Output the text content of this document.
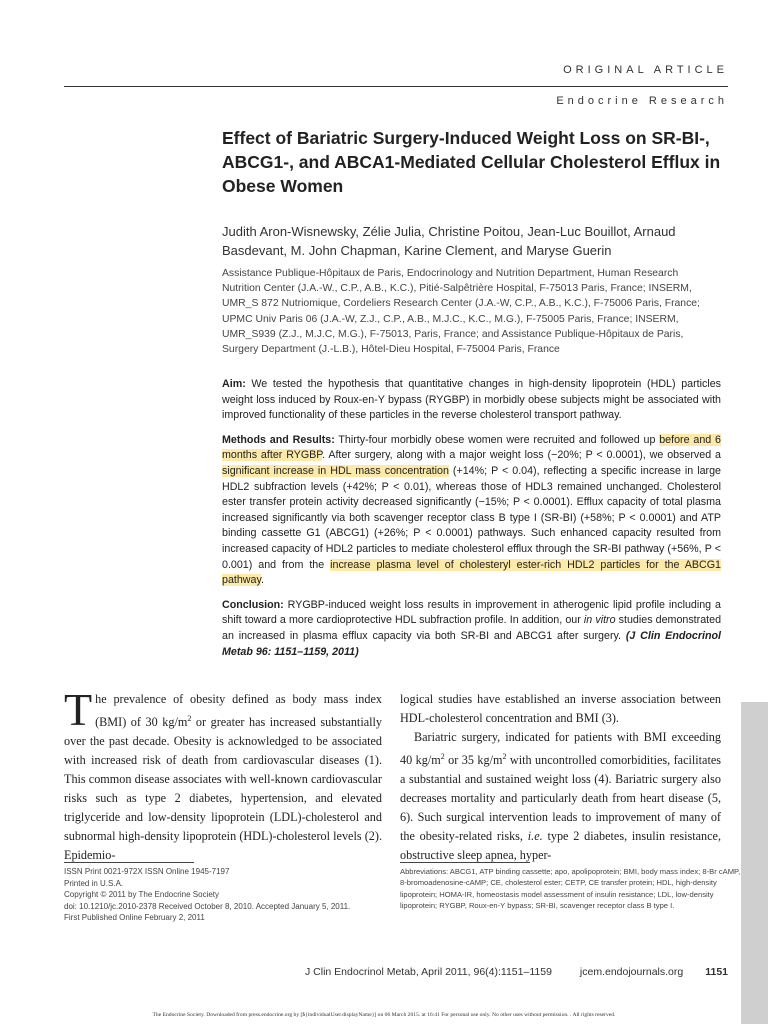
ORIGINAL ARTICLE
Endocrine Research
Effect of Bariatric Surgery-Induced Weight Loss on SR-BI-, ABCG1-, and ABCA1-Mediated Cellular Cholesterol Efflux in Obese Women
Judith Aron-Wisnewsky, Zélie Julia, Christine Poitou, Jean-Luc Bouillot, Arnaud Basdevant, M. John Chapman, Karine Clement, and Maryse Guerin
Assistance Publique-Hôpitaux de Paris, Endocrinology and Nutrition Department, Human Research Nutrition Center (J.A.-W., C.P., A.B., K.C.), Pitié-Salpêtrière Hospital, F-75013 Paris, France; INSERM, UMR_S 872 Nutriomique, Cordeliers Research Center (J.A.-W, C.P., A.B., K.C.), F-75006 Paris, France; UPMC Univ Paris 06 (J.A.-W, Z.J., C.P., A.B., M.J.C., K.C., M.G.), F-75005 Paris, France; INSERM, UMR_S939 (Z.J., M.J.C, M.G.), F-75013, Paris, France; and Assistance Publique-Hôpitaux de Paris, Surgery Department (J.-L.B.), Hôtel-Dieu Hospital, F-75004 Paris, France

Aim: We tested the hypothesis that quantitative changes in high-density lipoprotein (HDL) particles weight loss induced by Roux-en-Y bypass (RYGBP) in morbidly obese subjects might be associated with improved functionality of these particles in the reverse cholesterol transport pathway.

Methods and Results: Thirty-four morbidly obese women were recruited and followed up before and 6 months after RYGBP. After surgery, along with a major weight loss (−20%; P < 0.0001), we observed a significant increase in HDL mass concentration (+14%; P < 0.04), reflecting a specific increase in large HDL2 subfraction levels (+42%; P < 0.01), whereas those of HDL3 remained unchanged. Cholesterol ester transfer protein activity decreased significantly (−15%; P < 0.0001). Efflux capacity of total plasma increased significantly via both scavenger receptor class B type I (SR-BI) (+58%; P < 0.0001) and ATP binding cassette G1 (ABCG1) (+26%; P < 0.0001) pathways. Such enhanced capacity resulted from increased capacity of HDL2 particles to mediate cholesterol efflux through the SR-BI pathway (+56%, P < 0.001) and from the increase plasma level of cholesteryl ester-rich HDL2 particles for the ABCG1 pathway.

Conclusion: RYGBP-induced weight loss results in improvement in atherogenic lipid profile including a shift toward a more cardioprotective HDL subfraction profile. In addition, our in vitro studies demonstrated an increased in plasma efflux capacity via both SR-BI and ABCG1 after surgery. (J Clin Endocrinol Metab 96: 1151–1159, 2011)

The prevalence of obesity defined as body mass index (BMI) of 30 $kg/m^2$ or greater has increased substantially over the past decade. Obesity is acknowledged to be associated with increased risk of death from cardiovascular diseases (1). This common disease associates with well-known cardiovascular risks such as type 2 diabetes, hypertension, and elevated triglyceride and low-density lipoprotein (LDL)-cholesterol and subnormal high-density lipoprotein (HDL)-cholesterol levels (2). Epidemio-

logical studies have established an inverse association between HDL-cholesterol concentration and BMI (3).

Bariatric surgery, indicated for patients with BMI exceeding 40 $kg/m^2$ or 35 $kg/m^2$ with uncontrolled comorbidities, facilitates a substantial and sustained weight loss (4). Bariatric surgery also decreases mortality and particularly death from heart disease (5, 6). Such surgical intervention leads to improvement of many of the obesity-related risks, i.e. type 2 diabetes, insulin resistance, obstructive sleep apnea, hyper-

ISSN Print 0021-972X ISSN Online 1945-7197
Printed in U.S.A.
Copyright © 2011 by The Endocrine Society
doi: 10.1210/jc.2010-2378 Received October 8, 2010. Accepted January 5, 2011.
First Published Online February 2, 2011
Abbreviations: ABCG1, ATP binding cassette; apo, apolipoprotein; BMI, body mass index; 8-Br cAMP, 8-bromoadenosine-cAMP; CE, cholesterol ester; CETP, CE transfer protein; HDL, high-density lipoprotein; HOMA-IR, homeostasis model assessment of insulin resistance; LDL, low-density lipoprotein; RYGBP, Roux-en-Y bypass; SR-BI, scavenger receptor class B type I.
J Clin Endocrinol Metab, April 2011, 96(4):1151–1159	jcem.endojournals.org 1151
The Endocrine Society. Downloaded from press.endocrine.org by [${individualUser.displayName}] on 06 March 2015. at 16:41 For personal use only. No other uses without permission. . All rights reserved.
